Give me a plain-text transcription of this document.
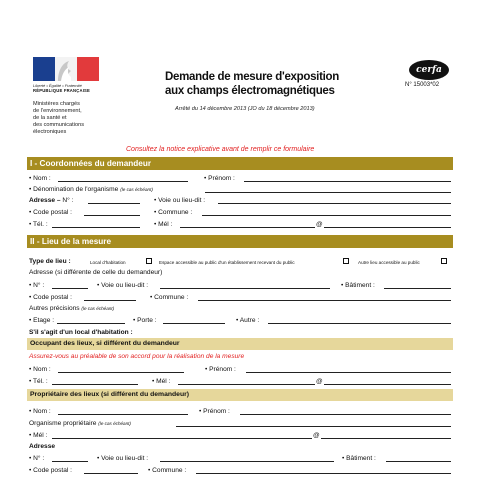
Liberté • Égalité • Fraternité
RÉPUBLIQUE FRANÇAISE
Ministères chargés
de l'environnement,
de la santé et
des communications
électroniques
Demande de mesure d'exposition
aux champs électromagnétiques
Arrêté du 14 décembre 2013 (JO du 18 décembre 2013)
cerfa
N° 15003*02
Consultez la notice explicative avant de remplir ce formulaire
I - Coordonnées du demandeur
• Nom :	• Prénom :
• Dénomination de l'organisme (le cas échéant)
Adresse – N° :	• Voie ou lieu-dit :
• Code postal :	• Commune :
• Tél. :	• Mél :	@
II - Lieu de la mesure
Type de lieu :	Local d'habitation	Espace accessible au public d'un établissement recevant du public	Autre lieu accessible au public
Adresse (si différente de celle du demandeur)
• N° :	• Voie ou lieu-dit :	• Bâtiment :
• Code postal :	• Commune :
Autres précisions (le cas échéant)
• Etage :	• Porte :	• Autre :
S'il s'agit d'un local d'habitation :
Occupant des lieux, si différent du demandeur
Assurez-vous au préalable de son accord pour la réalisation de la mesure
• Nom :	• Prénom :
• Tél. :	• Mél :	@
Propriétaire des lieux (si différent du demandeur)
• Nom :	• Prénom :
Organisme propriétaire (le cas échéant)
• Mél :	@
Adresse
• N° :	• Voie ou lieu-dit :	• Bâtiment :
• Code postal :	• Commune :
